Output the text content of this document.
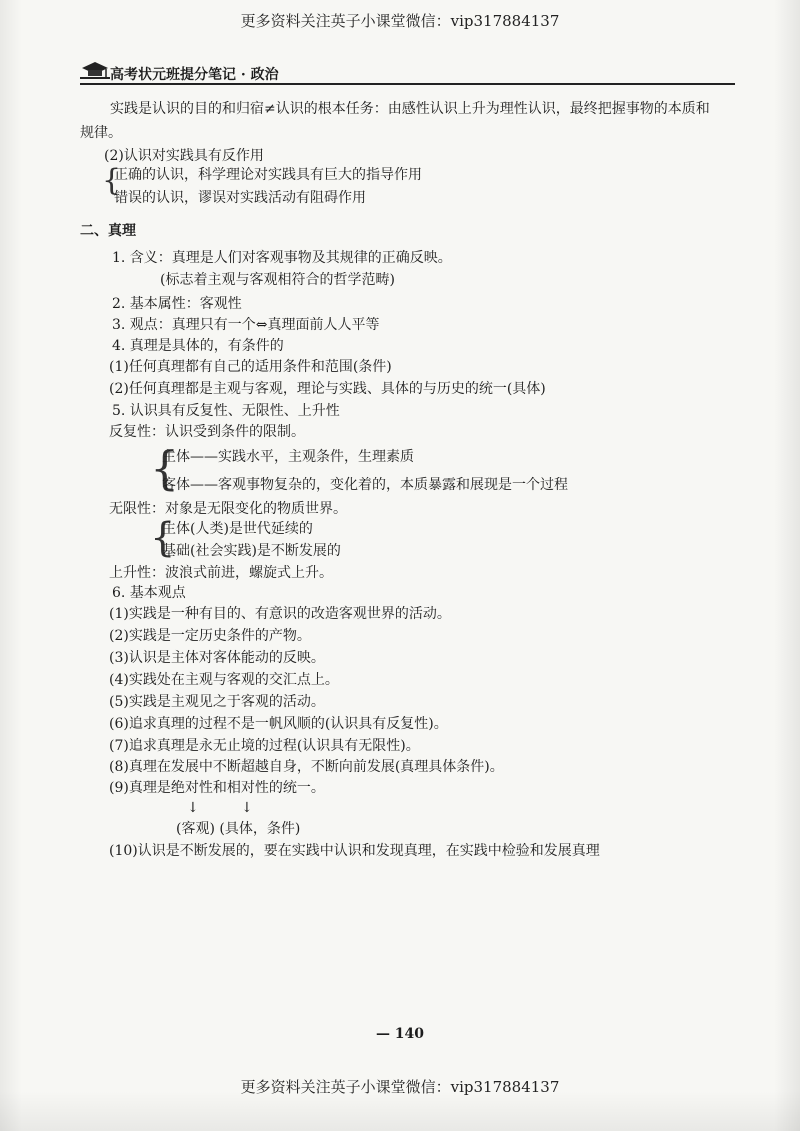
更多资料关注英子小课堂微信：vip317884137
高考状元班提分笔记 · 政治
实践是认识的目的和归宿≠认识的根本任务：由感性认识上升为理性认识，最终把握事物的本质和
规律。
(2)认识对实践具有反作用
{
正确的认识，科学理论对实践具有巨大的指导作用
错误的认识，谬误对实践活动有阻碍作用
二、真理
1. 含义：真理是人们对客观事物及其规律的正确反映。
(标志着主观与客观相符合的哲学范畴)
2. 基本属性：客观性
3. 观点：真理只有一个⇔真理面前人人平等
4. 真理是具体的，有条件的
(1)任何真理都有自己的适用条件和范围(条件)
(2)任何真理都是主观与客观，理论与实践、具体的与历史的统一(具体)
5. 认识具有反复性、无限性、上升性
反复性：认识受到条件的限制。
{
主体——实践水平，主观条件，生理素质
客体——客观事物复杂的，变化着的，本质暴露和展现是一个过程
无限性：对象是无限变化的物质世界。
{
主体(人类)是世代延续的
基础(社会实践)是不断发展的
上升性：波浪式前进，螺旋式上升。
6. 基本观点
(1)实践是一种有目的、有意识的改造客观世界的活动。
(2)实践是一定历史条件的产物。
(3)认识是主体对客体能动的反映。
(4)实践处在主观与客观的交汇点上。
(5)实践是主观见之于客观的活动。
(6)追求真理的过程不是一帆风顺的(认识具有反复性)。
(7)追求真理是永无止境的过程(认识具有无限性)。
(8)真理在发展中不断超越自身，不断向前发展(真理具体条件)。
(9)真理是绝对性和相对性的统一。
↓	↓
(客观) (具体，条件)
(10)认识是不断发展的，要在实践中认识和发现真理，在实践中检验和发展真理
— 140
更多资料关注英子小课堂微信：vip317884137
